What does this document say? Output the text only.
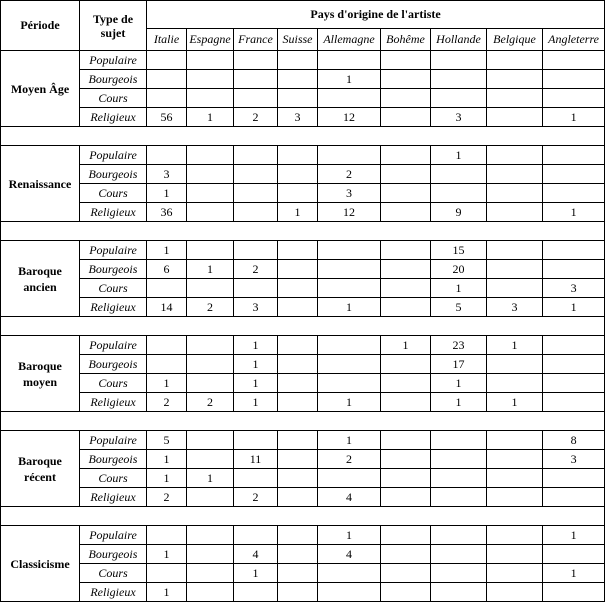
Période	Type de sujet	Pays d'origine de l'artiste								
		Italie	Espagne	France	Suisse	Allemagne	Bohême	Hollande	Belgique	Angleterre
Moyen Âge	Populaire									
	Bourgeois					1				
	Cours									
	Religieux	56	1	2	3	12		3		1

Renaissance	Populaire							1		
	Bourgeois	3				2				
	Cours	1				3				
	Religieux	36			1	12		9		1

Baroque ancien	Populaire	1						15		
	Bourgeois	6	1	2				20		
	Cours							1		3
	Religieux	14	2	3		1		5	3	1

Baroque moyen	Populaire			1			1	23	1	
	Bourgeois			1				17		
	Cours	1		1				1		
	Religieux	2	2	1		1		1	1	

Baroque récent	Populaire	5				1				8
	Bourgeois	1		11		2				3
	Cours	1	1							
	Religieux	2		2		4				

Classicisme	Populaire					1				1
	Bourgeois	1		4		4				
	Cours			1						1
	Religieux	1								
